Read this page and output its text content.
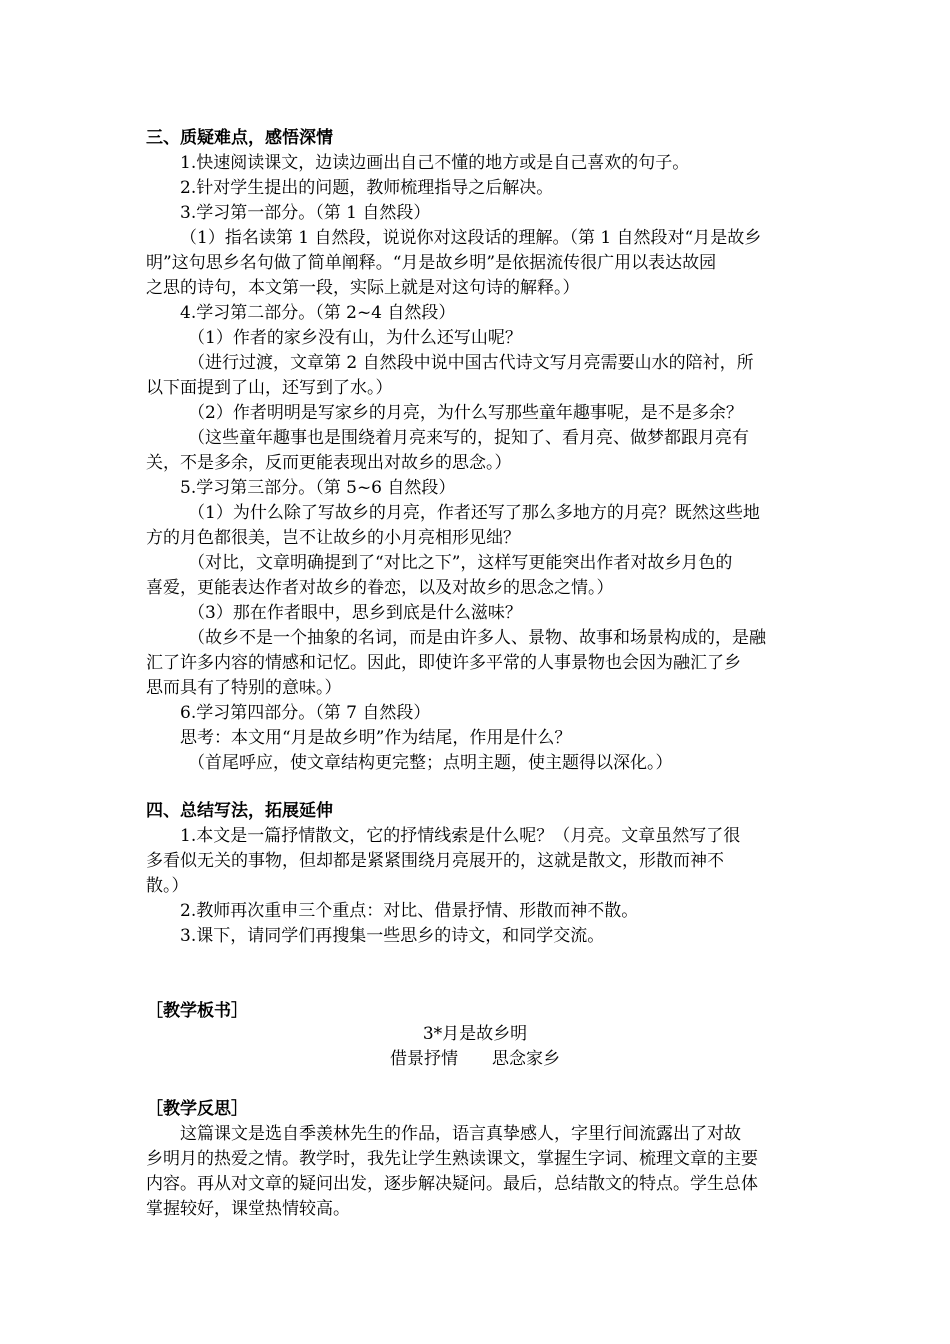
三、质疑难点，感悟深情
1.快速阅读课文，边读边画出自己不懂的地方或是自己喜欢的句子。
2.针对学生提出的问题，教师梳理指导之后解决。
3.学习第一部分。（第 1 自然段）
（1）指名读第 1 自然段，说说你对这段话的理解。（第 1 自然段对“月是故乡
明”这句思乡名句做了简单阐释。“月是故乡明”是依据流传很广用以表达故园
之思的诗句，本文第一段，实际上就是对这句诗的解释。）
4.学习第二部分。（第 2~4 自然段）
（1）作者的家乡没有山，为什么还写山呢？
（进行过渡，文章第 2 自然段中说中国古代诗文写月亮需要山水的陪衬，所
以下面提到了山，还写到了水。）
（2）作者明明是写家乡的月亮，为什么写那些童年趣事呢，是不是多余？
（这些童年趣事也是围绕着月亮来写的，捉知了、看月亮、做梦都跟月亮有
关，不是多余，反而更能表现出对故乡的思念。）
5.学习第三部分。（第 5~6 自然段）
（1）为什么除了写故乡的月亮，作者还写了那么多地方的月亮？既然这些地
方的月色都很美，岂不让故乡的小月亮相形见绌？
（对比，文章明确提到了“对比之下”，这样写更能突出作者对故乡月色的
喜爱，更能表达作者对故乡的眷恋，以及对故乡的思念之情。）
（3）那在作者眼中，思乡到底是什么滋味？
（故乡不是一个抽象的名词，而是由许多人、景物、故事和场景构成的，是融
汇了许多内容的情感和记忆。因此，即使许多平常的人事景物也会因为融汇了乡
思而具有了特别的意味。）
6.学习第四部分。（第 7 自然段）
思考：本文用“月是故乡明”作为结尾，作用是什么？
（首尾呼应，使文章结构更完整；点明主题，使主题得以深化。）
四、总结写法，拓展延伸
1.本文是一篇抒情散文，它的抒情线索是什么呢？（月亮。文章虽然写了很
多看似无关的事物，但却都是紧紧围绕月亮展开的，这就是散文，形散而神不
散。）
2.教师再次重申三个重点：对比、借景抒情、形散而神不散。
3.课下，请同学们再搜集一些思乡的诗文，和同学交流。
［教学板书］
3*月是故乡明
借景抒情　　思念家乡
［教学反思］
这篇课文是选自季羡林先生的作品，语言真挚感人，字里行间流露出了对故
乡明月的热爱之情。教学时，我先让学生熟读课文，掌握生字词、梳理文章的主要
内容。再从对文章的疑问出发，逐步解决疑问。最后，总结散文的特点。学生总体
掌握较好，课堂热情较高。
